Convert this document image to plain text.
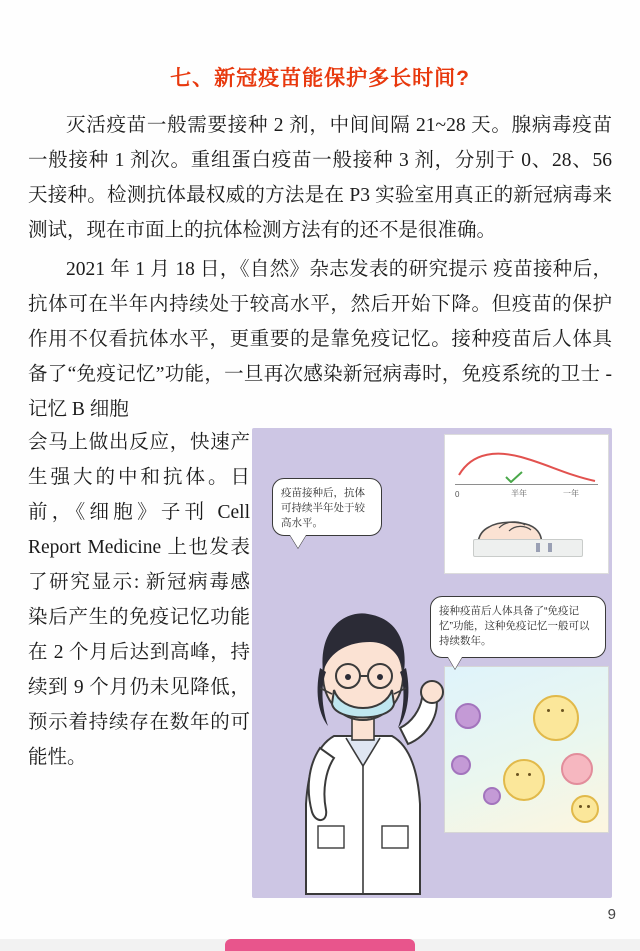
七、新冠疫苗能保护多长时间?
灭活疫苗一般需要接种 2 剂，中间间隔 21~28 天。腺病毒疫苗一般接种 1 剂次。重组蛋白疫苗一般接种 3 剂，分别于 0、28、56 天接种。检测抗体最权威的方法是在 P3 实验室用真正的新冠病毒来测试，现在市面上的抗体检测方法有的还不是很准确。
2021 年 1 月 18 日，《自然》杂志发表的研究提示 疫苗接种后，抗体可在半年内持续处于较高水平，然后开始下降。但疫苗的保护作用不仅看抗体水平，更重要的是靠免疫记忆。接种疫苗后人体具备了“免疫记忆”功能，一旦再次感染新冠病毒时，免疫系统的卫士 - 记忆 B 细胞
会马上做出反应，快速产生强大的中和抗体。日前，《细胞》子刊 Cell Report Medicine 上也发表了研究显示: 新冠病毒感染后产生的免疫记忆功能在 2 个月后达到高峰，持续到 9 个月仍未见降低，预示着持续存在数年的可能性。
0	半年	一年
疫苗接种后，抗体可持续半年处于较高水平。
接种疫苗后人体具备了“免疫记忆”功能，这种免疫记忆一般可以持续数年。
9
